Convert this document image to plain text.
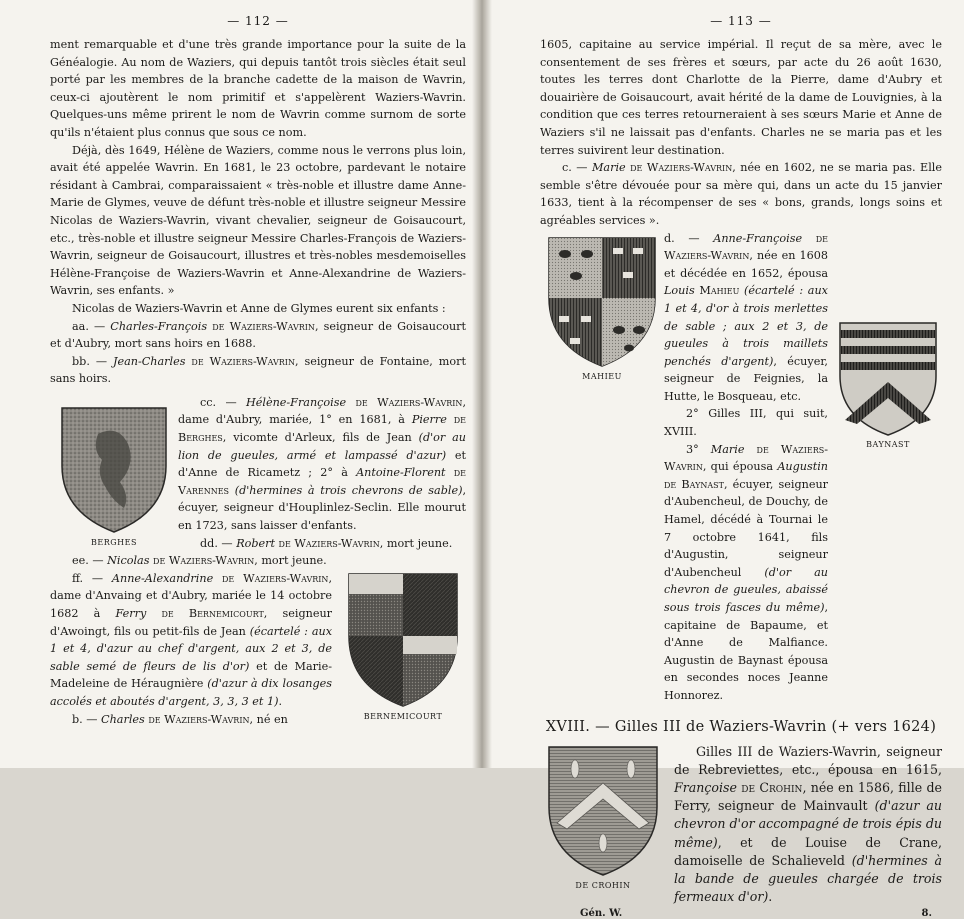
— 112 —

ment remarquable et d'une très grande importance pour la suite de la Généalogie. Au nom de Waziers, qui depuis tantôt trois siècles était seul porté par les membres de la branche cadette de la maison de Wavrin, ceux-ci ajoutèrent le nom primitif et s'appelèrent Waziers-Wavrin. Quelques-uns même prirent le nom de Wavrin comme surnom de sorte qu'ils n'étaient plus connus que sous ce nom.

Déjà, dès 1649, Hélène de Waziers, comme nous le verrons plus loin, avait été appelée Wavrin. En 1681, le 23 octobre, pardevant le notaire résidant à Cambrai, comparaissaient « très-noble et illustre dame Anne-Marie de Glymes, veuve de défunt très-noble et illustre seigneur Messire Nicolas de Waziers-Wavrin, vivant chevalier, seigneur de Goisaucourt, etc., très-noble et illustre seigneur Messire Charles-François de Waziers-Wavrin, seigneur de Goisaucourt, illustres et très-nobles mesdemoiselles Hélène-Françoise de Waziers-Wavrin et Anne-Alexandrine de Waziers-Wavrin, ses enfants. »

Nicolas de Waziers-Wavrin et Anne de Glymes eurent six enfants :

aa. — Charles-François de Waziers-Wavrin, seigneur de Goisaucourt et d'Aubry, mort sans hoirs en 1688.

bb. — Jean-Charles de Waziers-Wavrin, seigneur de Fontaine, mort sans hoirs.

BERGHES

cc. — Hélène-Françoise de Waziers-Wavrin, dame d'Aubry, mariée, 1° en 1681, à Pierre de Berghes, vicomte d'Arleux, fils de Jean (d'or au lion de gueules, armé et lampassé d'azur) et d'Anne de Ricametz ; 2° à Antoine-Florent de Varennes (d'hermines à trois chevrons de sable), écuyer, seigneur d'Houplinlez-Seclin. Elle mourut en 1723, sans laisser d'enfants.

dd. — Robert de Waziers-Wavrin, mort jeune.

ee. — Nicolas de Waziers-Wavrin, mort jeune.

ff. — Anne-Alexandrine de Waziers-Wavrin, dame d'Anvaing et d'Aubry, mariée le 14 octobre 1682 à Ferry de Bernemicourt, seigneur d'Awoingt, fils ou petit-fils de Jean (écartelé : aux 1 et 4, d'azur au chef d'argent, aux 2 et 3, de sable semé de fleurs de lis d'or) et de Marie-Madeleine de Héraugnière (d'azur à dix losanges accolés et aboutés d'argent, 3, 3, 3 et 1).

b. — Charles de Waziers-Wavrin, né en	BERNEMICOURT
— 113 —

1605, capitaine au service impérial. Il reçut de sa mère, avec le consentement de ses frères et sœurs, par acte du 26 août 1630, toutes les terres dont Charlotte de la Pierre, dame d'Aubry et douairière de Goisaucourt, avait hérité de la dame de Louvignies, à la condition que ces terres retourneraient à ses sœurs Marie et Anne de Waziers s'il ne laissait pas d'enfants. Charles ne se maria pas et les terres suivirent leur destination.

c. — Marie de Waziers-Wavrin, née en 1602, ne se maria pas. Elle semble s'être dévouée pour sa mère qui, dans un acte du 15 janvier 1633, tient à la récompenser de ses « bons, grands, longs soins et agréables services ».

MAHIEU

d. — Anne-Françoise de Waziers-Wavrin, née en 1608 et décédée en 1652, épousa Louis Mahieu (écartelé : aux 1 et 4, d'or à trois merlettes de sable ; aux 2 et 3, de gueules à trois maillets penchés d'argent), écuyer, seigneur de Feignies, la Hutte, le Bosqueau, etc.

2° Gilles III, qui suit, XVIII.

3° Marie de Waziers-Wavrin, qui épousa Augustin de Baynast, écuyer, seigneur d'Aubencheul, de Douchy, de Hamel, décédé à Tournai le 7 octobre 1641, fils d'Augustin, seigneur d'Aubencheul (d'or au chevron de gueules, abaissé sous trois fasces du même), capitaine de Bapaume, et d'Anne de Malfiance. Augustin de Baynast épousa en secondes noces Jeanne Honnorez.

BAYNAST
XVIII. — Gilles III de Waziers-Wavrin (+ vers 1624)
DE CROHIN

Gilles III de Waziers-Wavrin, seigneur de Rebreviettes, etc., épousa en 1615, Françoise de Crohin, née en 1586, fille de Ferry, seigneur de Mainvault (d'azur au chevron d'or accompagné de trois épis du même), et de Louise de Crane, damoiselle de Schalieveld (d'hermines à la bande de gueules chargée de trois fermeaux d'or).

Gén. W.	8.
